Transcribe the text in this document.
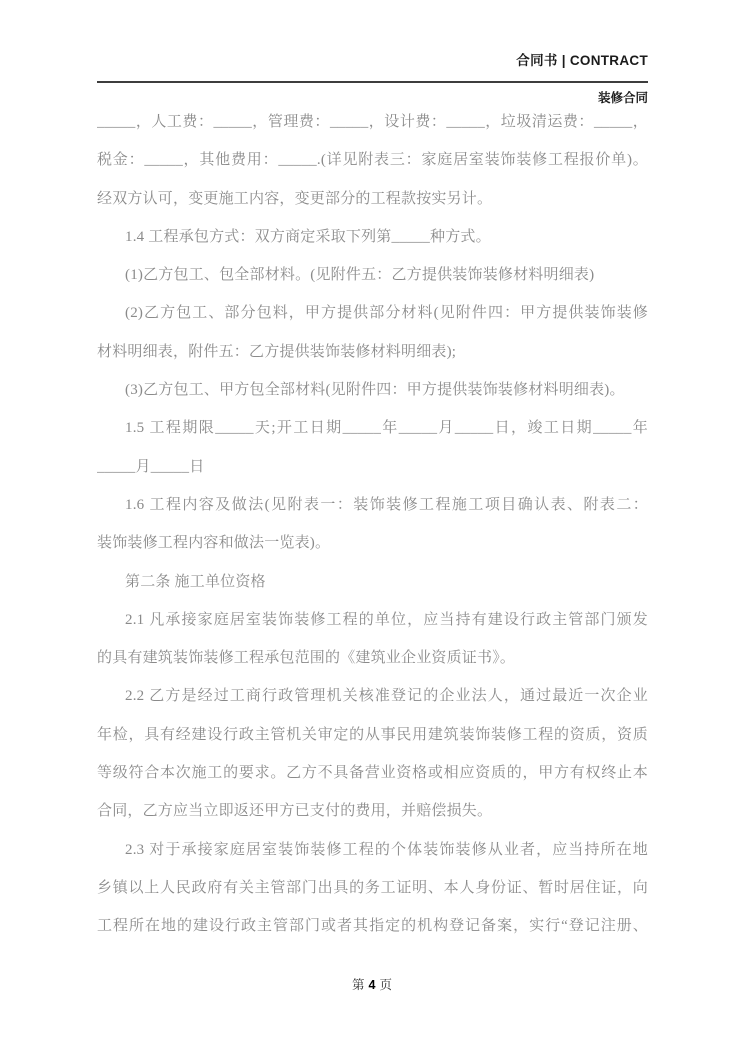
合同书 | CONTRACT
装修合同
_____，人工费：_____，管理费：_____，设计费：_____，垃圾清运费：_____，
税金：_____，其他费用：_____.(详见附表三：家庭居室装饰装修工程报价单)。
经双方认可，变更施工内容，变更部分的工程款按实另计。
1.4 工程承包方式：双方商定采取下列第_____种方式。
(1)乙方包工、包全部材料。(见附件五：乙方提供装饰装修材料明细表)
(2)乙方包工、部分包料，甲方提供部分材料(见附件四：甲方提供装饰装修
材料明细表，附件五：乙方提供装饰装修材料明细表);
(3)乙方包工、甲方包全部材料(见附件四：甲方提供装饰装修材料明细表)。
1.5 工程期限_____天;开工日期_____年_____月_____日，竣工日期_____年
_____月_____日
1.6 工程内容及做法(见附表一：装饰装修工程施工项目确认表、附表二：
装饰装修工程内容和做法一览表)。
第二条 施工单位资格
2.1 凡承接家庭居室装饰装修工程的单位，应当持有建设行政主管部门颁发
的具有建筑装饰装修工程承包范围的《建筑业企业资质证书》。
2.2 乙方是经过工商行政管理机关核准登记的企业法人，通过最近一次企业
年检，具有经建设行政主管机关审定的从事民用建筑装饰装修工程的资质，资质
等级符合本次施工的要求。乙方不具备营业资格或相应资质的，甲方有权终止本
合同，乙方应当立即返还甲方已支付的费用，并赔偿损失。
2.3 对于承接家庭居室装饰装修工程的个体装饰装修从业者，应当持所在地
乡镇以上人民政府有关主管部门出具的务工证明、本人身份证、暂时居住证，向
工程所在地的建设行政主管部门或者其指定的机构登记备案，实行“登记注册、
第 4 页
